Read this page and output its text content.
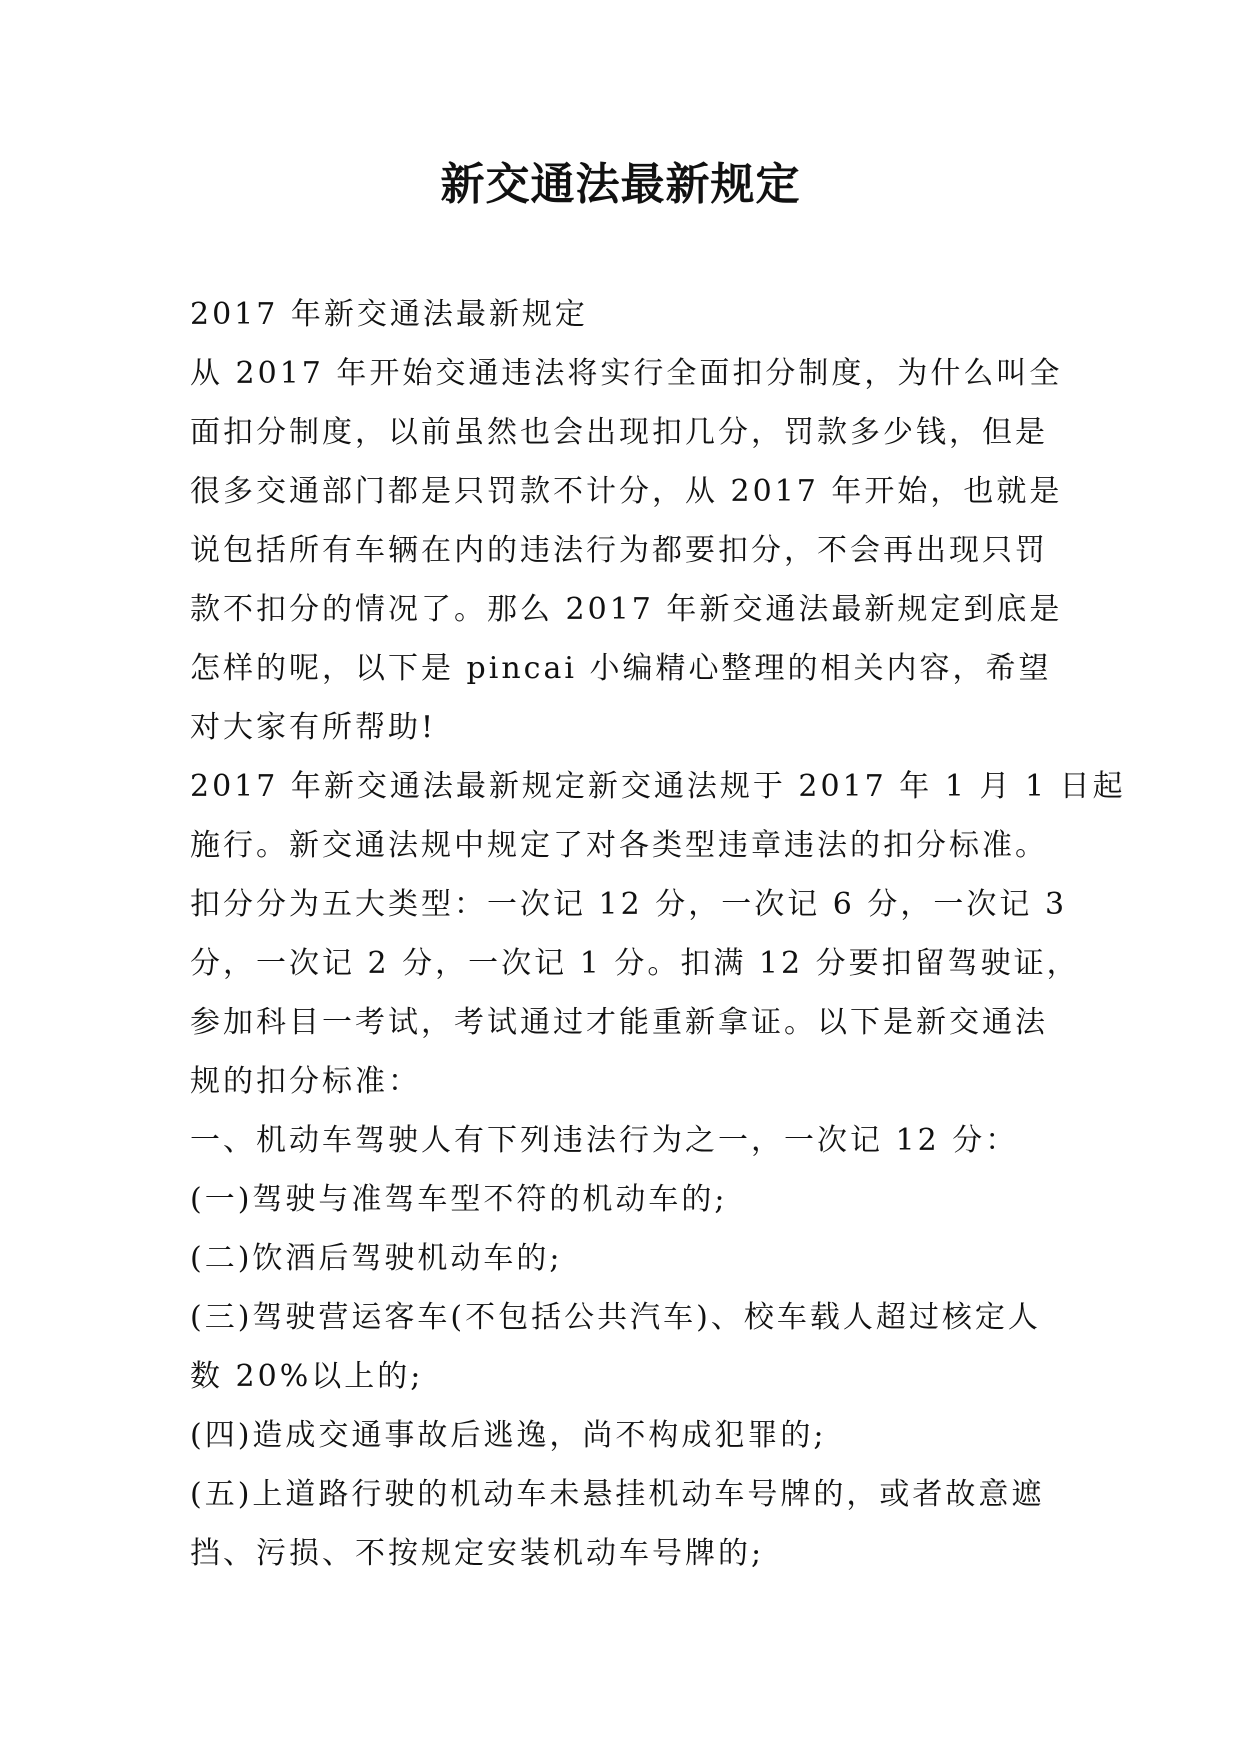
新交通法最新规定
2017 年新交通法最新规定
从 2017 年开始交通违法将实行全面扣分制度，为什么叫全
面扣分制度，以前虽然也会出现扣几分，罚款多少钱，但是
很多交通部门都是只罚款不计分，从 2017 年开始，也就是
说包括所有车辆在内的违法行为都要扣分，不会再出现只罚
款不扣分的情况了。那么 2017 年新交通法最新规定到底是
怎样的呢，以下是 pincai 小编精心整理的相关内容，希望
对大家有所帮助!
2017 年新交通法最新规定新交通法规于 2017 年 1 月 1 日起
施行。新交通法规中规定了对各类型违章违法的扣分标准。
扣分分为五大类型：一次记 12 分，一次记 6 分，一次记 3
分，一次记 2 分，一次记 1 分。扣满 12 分要扣留驾驶证，
参加科目一考试，考试通过才能重新拿证。以下是新交通法
规的扣分标准：
一、机动车驾驶人有下列违法行为之一，一次记 12 分：
(一)驾驶与准驾车型不符的机动车的;
(二)饮酒后驾驶机动车的;
(三)驾驶营运客车(不包括公共汽车)、校车载人超过核定人
数 20%以上的;
(四)造成交通事故后逃逸，尚不构成犯罪的;
(五)上道路行驶的机动车未悬挂机动车号牌的，或者故意遮
挡、污损、不按规定安装机动车号牌的;
